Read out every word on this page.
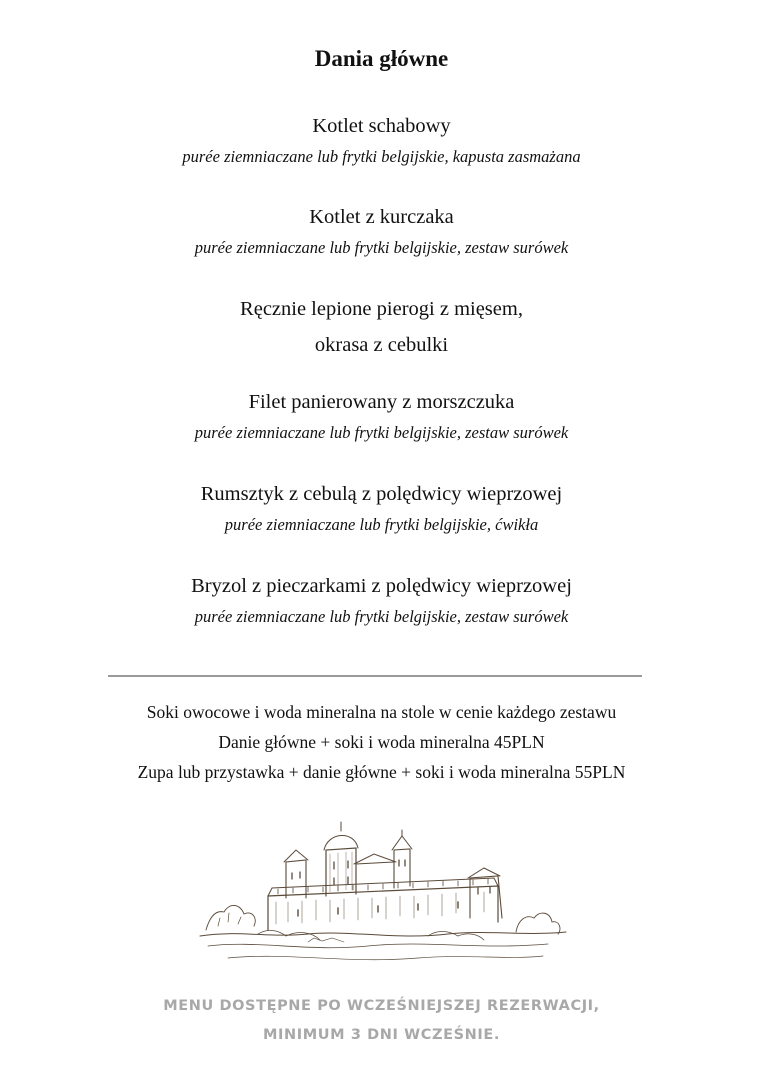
Dania główne
Kotlet schabowy
purée ziemniaczane lub frytki belgijskie, kapusta zasmażana
Kotlet z kurczaka
purée ziemniaczane lub frytki belgijskie, zestaw surówek
Ręcznie lepione pierogi z mięsem,
okrasa z cebulki
Filet panierowany z morszczuka
purée ziemniaczane lub frytki belgijskie, zestaw surówek
Rumsztyk z cebulą z polędwicy wieprzowej
purée ziemniaczane lub frytki belgijskie, ćwikła
Bryzol z pieczarkami z polędwicy wieprzowej
purée ziemniaczane lub frytki belgijskie, zestaw surówek
Soki owocowe i woda mineralna na stole w cenie każdego zestawu
Danie główne + soki i woda mineralna 45PLN
Zupa lub przystawka + danie główne + soki i woda mineralna 55PLN
MENU DOSTĘPNE PO WCZEŚNIEJSZEJ REZERWACJI,
MINIMUM 3 DNI WCZEŚNIE.
